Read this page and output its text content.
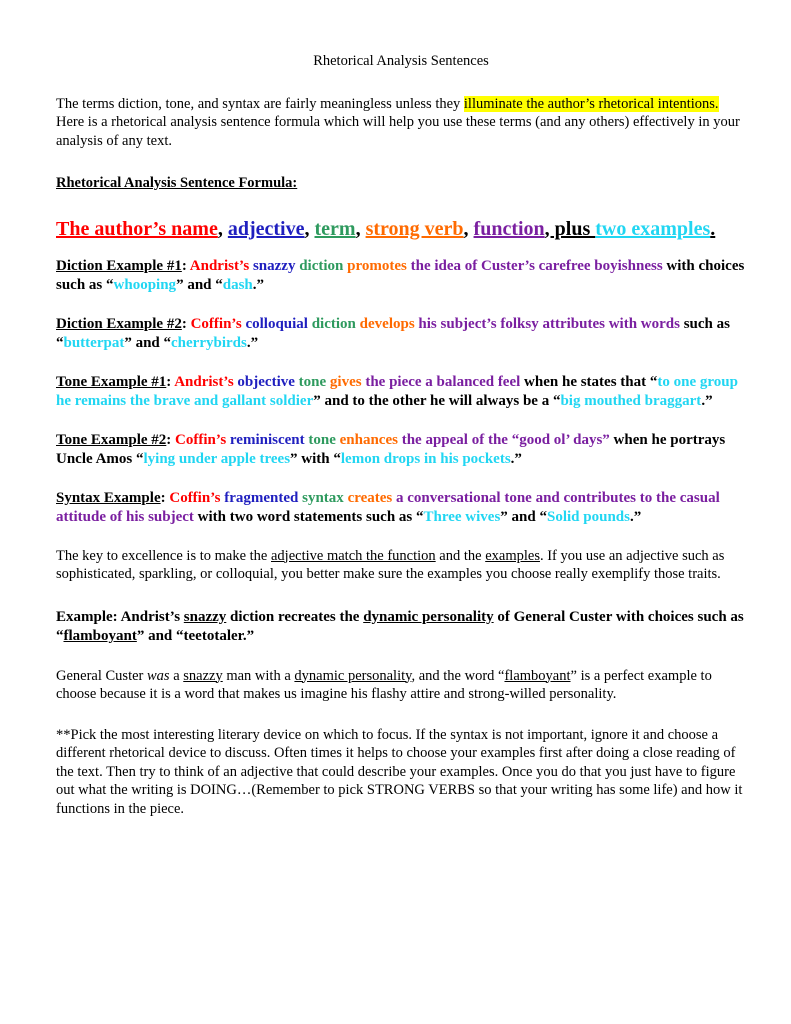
Rhetorical Analysis Sentences

The terms diction, tone, and syntax are fairly meaningless unless they illuminate the author’s rhetorical intentions. Here is a rhetorical analysis sentence formula which will help you use these terms (and any others) effectively in your analysis of any text.

Rhetorical Analysis Sentence Formula:

The author’s name, adjective, term, strong verb, function, plus two examples.

Diction Example #1: Andrist’s snazzy diction promotes the idea of Custer’s carefree boyishness with choices such as “whooping” and “dash.”

Diction Example #2: Coffin’s colloquial diction develops his subject’s folksy attributes with words such as “butterpat” and “cherrybirds.”

Tone Example #1: Andrist’s objective tone gives the piece a balanced feel when he states that “to one group he remains the brave and gallant soldier” and to the other he will always be a “big mouthed braggart.”

Tone Example #2: Coffin’s reminiscent tone enhances the appeal of the “good ol’ days” when he portrays Uncle Amos “lying under apple trees” with “lemon drops in his pockets.”

Syntax Example: Coffin’s fragmented syntax creates a conversational tone and contributes to the casual attitude of his subject with two word statements such as “Three wives” and “Solid pounds.”

The key to excellence is to make the adjective match the function and the examples. If you use an adjective such as sophisticated, sparkling, or colloquial, you better make sure the examples you choose really exemplify those traits.

Example: Andrist’s snazzy diction recreates the dynamic personality of General Custer with choices such as “flamboyant” and “teetotaler.”

General Custer was a snazzy man with a dynamic personality, and the word “flamboyant” is a perfect example to choose because it is a word that makes us imagine his flashy attire and strong-willed personality.

**Pick the most interesting literary device on which to focus. If the syntax is not important, ignore it and choose a different rhetorical device to discuss. Often times it helps to choose your examples first after doing a close reading of the text. Then try to think of an adjective that could describe your examples. Once you do that you just have to figure out what the writing is DOING…(Remember to pick STRONG VERBS so that your writing has some life) and how it functions in the piece.
